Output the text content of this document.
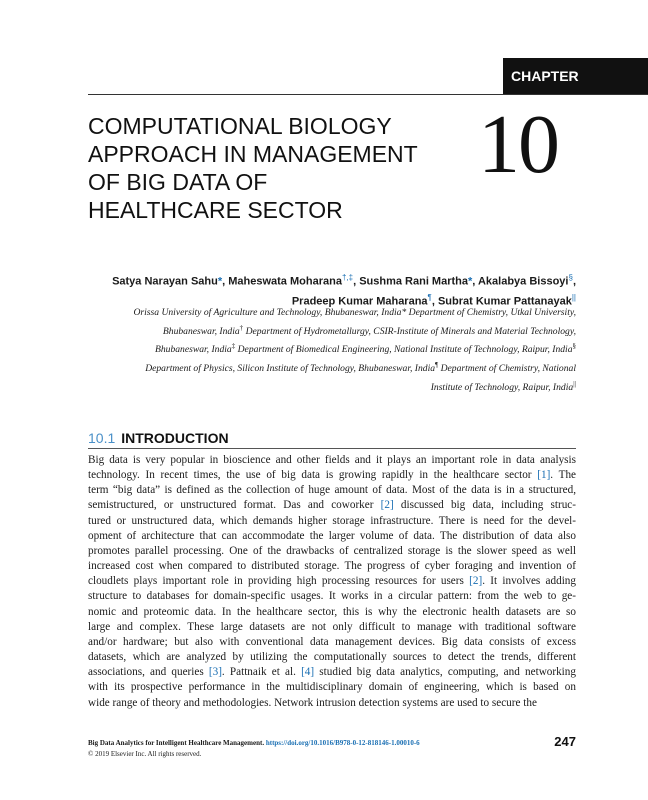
CHAPTER
COMPUTATIONAL BIOLOGY
APPROACH IN MANAGEMENT
OF BIG DATA OF
HEALTHCARE SECTOR
10
Satya Narayan Sahu*, Maheswata Moharana†,‡, Sushma Rani Martha*, Akalabya Bissoyi§,
Pradeep Kumar Maharana¶, Subrat Kumar Pattanayak||
Orissa University of Agriculture and Technology, Bhubaneswar, India* Department of Chemistry, Utkal University,
Bhubaneswar, India† Department of Hydrometallurgy, CSIR-Institute of Minerals and Material Technology,
Bhubaneswar, India‡ Department of Biomedical Engineering, National Institute of Technology, Raipur, India§
Department of Physics, Silicon Institute of Technology, Bhubaneswar, India¶ Department of Chemistry, National
Institute of Technology, Raipur, India||
10.1 INTRODUCTION
Big data is very popular in bioscience and other fields and it plays an important role in data analysis
technology. In recent times, the use of big data is growing rapidly in the healthcare sector [1]. The
term “big data” is defined as the collection of huge amount of data. Most of the data is in a structured,
semistructured, or unstructured format. Das and coworker [2] discussed big data, including struc-
tured or unstructured data, which demands higher storage infrastructure. There is need for the devel-
opment of architecture that can accommodate the larger volume of data. The distribution of data also
promotes parallel processing. One of the drawbacks of centralized storage is the slower speed as well
increased cost when compared to distributed storage. The progress of cyber foraging and invention of
cloudlets plays important role in providing high processing resources for users [2]. It involves adding
structure to databases for domain-specific usages. It works in a circular pattern: from the web to ge-
nomic and proteomic data. In the healthcare sector, this is why the electronic health datasets are so
large and complex. These large datasets are not only difficult to manage with traditional software
and/or hardware; but also with conventional data management devices. Big data consists of excess
datasets, which are analyzed by utilizing the computationally sources to detect the trends, different
associations, and queries [3]. Pattnaik et al. [4] studied big data analytics, computing, and networking
with its prospective performance in the multidisciplinary domain of engineering, which is based on
wide range of theory and methodologies. Network intrusion detection systems are used to secure the
Big Data Analytics for Intelligent Healthcare Management. https://doi.org/10.1016/B978-0-12-818146-1.00010-6
© 2019 Elsevier Inc. All rights reserved.
247
